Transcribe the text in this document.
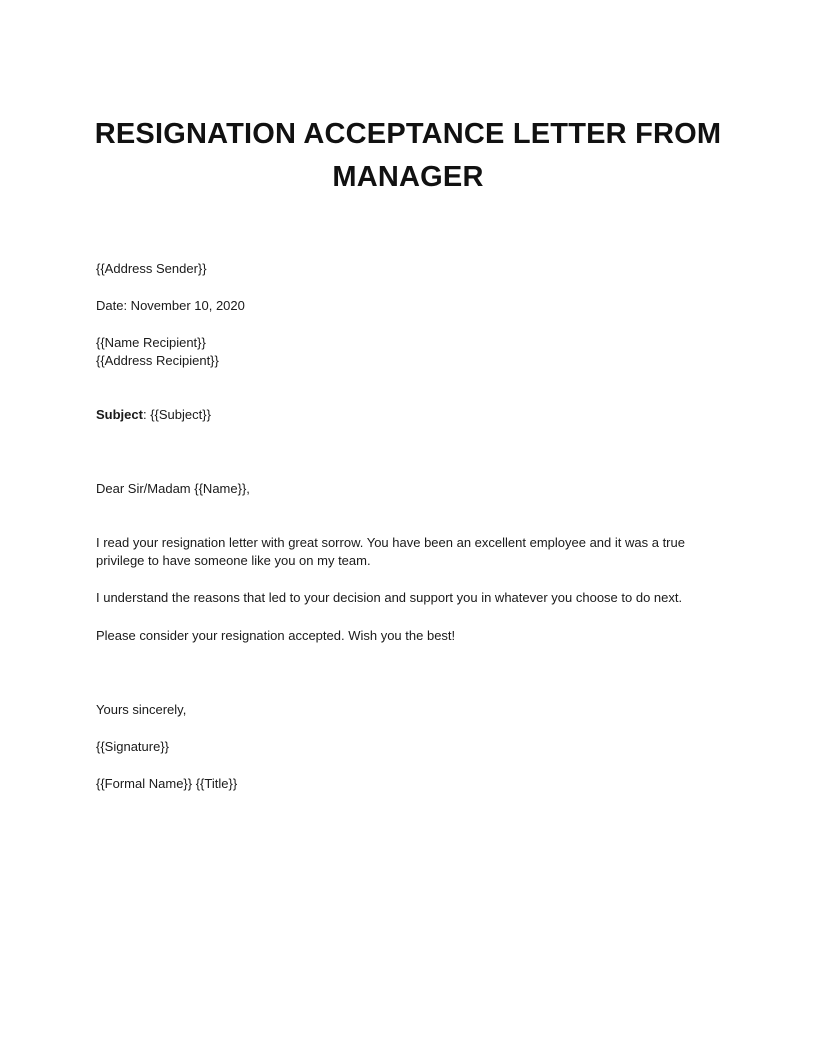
RESIGNATION ACCEPTANCE LETTER FROM MANAGER

{{Address Sender}}

Date: November 10, 2020

{{Name Recipient}}

{{Address Recipient}}

Subject: {{Subject}}

Dear Sir/Madam {{Name}},

I read your resignation letter with great sorrow. You have been an excellent employee and it was a true privilege to have someone like you on my team.

I understand the reasons that led to your decision and support you in whatever you choose to do next.

Please consider your resignation accepted. Wish you the best!

Yours sincerely,

{{Signature}}

{{Formal Name}} {{Title}}
